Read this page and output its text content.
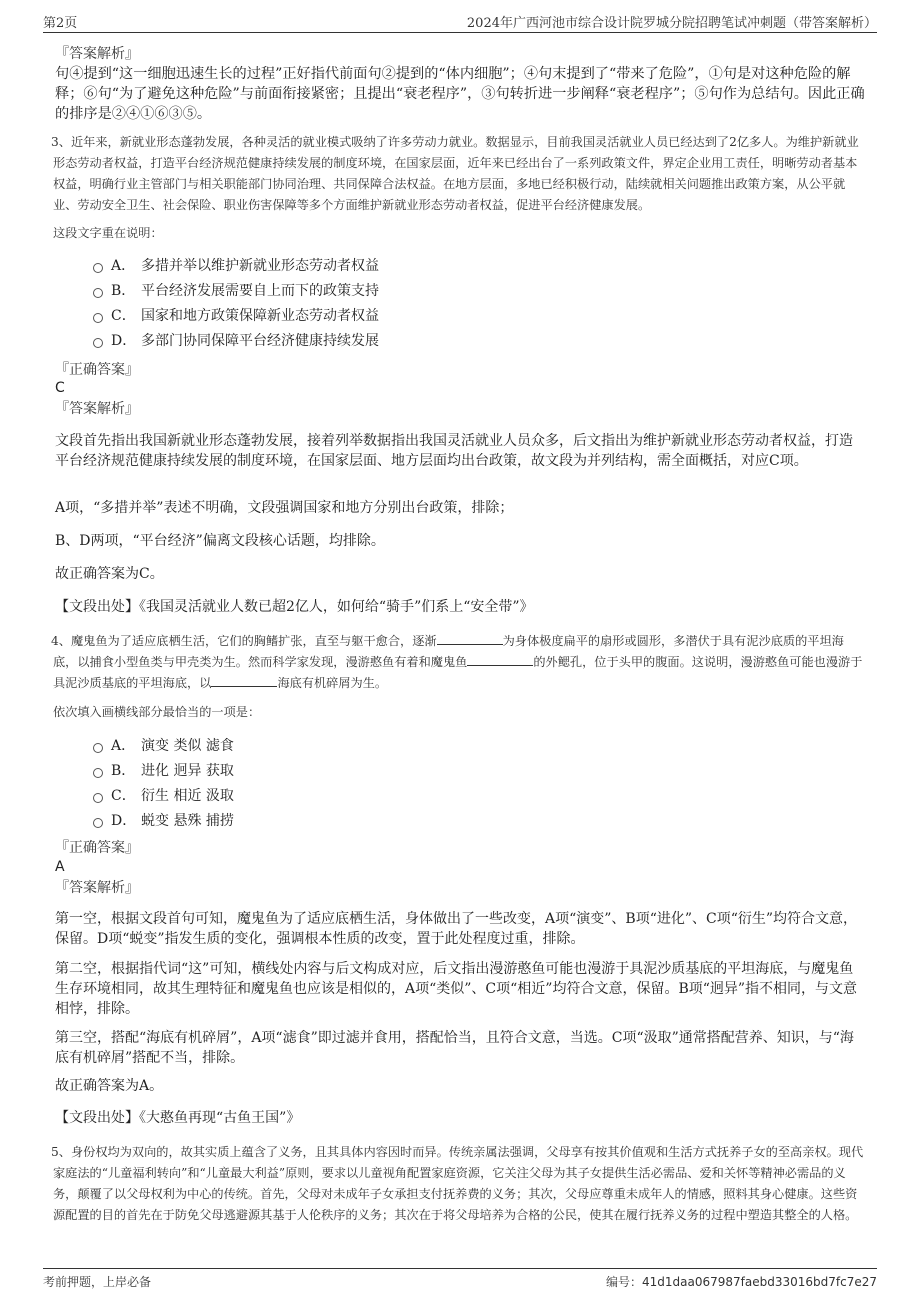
第2页	2024年广西河池市综合设计院罗城分院招聘笔试冲刺题（带答案解析）
『答案解析』

句④提到“这一细胞迅速生长的过程”正好指代前面句②提到的“体内细胞”；④句末提到了“带来了危险”，①句是对这种危险的解释；⑥句“为了避免这种危险”与前面衔接紧密；且提出“衰老程序”，③句转折进一步阐释“衰老程序”；⑤句作为总结句。因此正确的排序是②④①⑥③⑤。

3、近年来，新就业形态蓬勃发展，各种灵活的就业模式吸纳了许多劳动力就业。数据显示，目前我国灵活就业人员已经达到了2亿多人。为维护新就业形态劳动者权益，打造平台经济规范健康持续发展的制度环境，在国家层面，近年来已经出台了一系列政策文件，界定企业用工责任，明晰劳动者基本权益，明确行业主管部门与相关职能部门协同治理、共同保障合法权益。在地方层面，多地已经积极行动，陆续就相关问题推出政策方案，从公平就业、劳动安全卫生、社会保险、职业伤害保障等多个方面维护新就业形态劳动者权益，促进平台经济健康发展。

这段文字重在说明：
A． 多措并举以维护新就业形态劳动者权益
B． 平台经济发展需要自上而下的政策支持
C． 国家和地方政策保障新业态劳动者权益
D． 多部门协同保障平台经济健康持续发展
『正确答案』
C
『答案解析』

文段首先指出我国新就业形态蓬勃发展，接着列举数据指出我国灵活就业人员众多，后文指出为维护新就业形态劳动者权益，打造平台经济规范健康持续发展的制度环境，在国家层面、地方层面均出台政策，故文段为并列结构，需全面概括，对应C项。

A项，“多措并举”表述不明确，文段强调国家和地方分别出台政策，排除；

B、D两项，“平台经济”偏离文段核心话题，均排除。

故正确答案为C。

【文段出处】《我国灵活就业人数已超2亿人，如何给“骑手”们系上“安全带”》
4、魔鬼鱼为了适应底栖生活，它们的胸鳍扩张，直至与躯干愈合，逐渐	为身体极度扁平的扇形或圆形，多潜伏于具有泥沙底质的平坦海底，以捕食小型鱼类与甲壳类为生。然而科学家发现，漫游憨鱼有着和魔鬼鱼	的外鳃孔，位于头甲的腹面。这说明，漫游憨鱼可能也漫游于具泥沙质基底的平坦海底，以	海底有机碎屑为生。
依次填入画横线部分最恰当的一项是：
A． 演变 类似 滤食
B． 进化 迥异 获取
C． 衍生 相近 汲取
D． 蜕变 悬殊 捕捞
『正确答案』
A
『答案解析』

第一空，根据文段首句可知，魔鬼鱼为了适应底栖生活，身体做出了一些改变，A项“演变”、B项“进化”、C项“衍生”均符合文意，保留。D项“蜕变”指发生质的变化，强调根本性质的改变，置于此处程度过重，排除。

第二空，根据指代词“这”可知，横线处内容与后文构成对应，后文指出漫游憨鱼可能也漫游于具泥沙质基底的平坦海底，与魔鬼鱼生存环境相同，故其生理特征和魔鬼鱼也应该是相似的，A项“类似”、C项“相近”均符合文意，保留。B项“迥异”指不相同，与文意相悖，排除。

第三空，搭配“海底有机碎屑”，A项“滤食”即过滤并食用，搭配恰当，且符合文意，当选。C项“汲取”通常搭配营养、知识，与“海底有机碎屑”搭配不当，排除。

故正确答案为A。

【文段出处】《大憨鱼再现“古鱼王国”》

5、身份权均为双向的，故其实质上蕴含了义务，且其具体内容因时而异。传统亲属法强调，父母享有按其价值观和生活方式抚养子女的至高亲权。现代家庭法的“儿童福利转向”和“儿童最大利益”原则，要求以儿童视角配置家庭资源，它关注父母为其子女提供生活必需品、爱和关怀等精神必需品的义务，颠覆了以父母权利为中心的传统。首先，父母对未成年子女承担支付抚养费的义务；其次，父母应尊重未成年人的情感，照料其身心健康。这些资源配置的目的首先在于防免父母逃避源其基于人伦秩序的义务；其次在于将父母培养为合格的公民，使其在履行抚养义务的过程中塑造其整全的人格。

考前押题，上岸必备	编号：41d1daa067987faebd33016bd7fc7e27
